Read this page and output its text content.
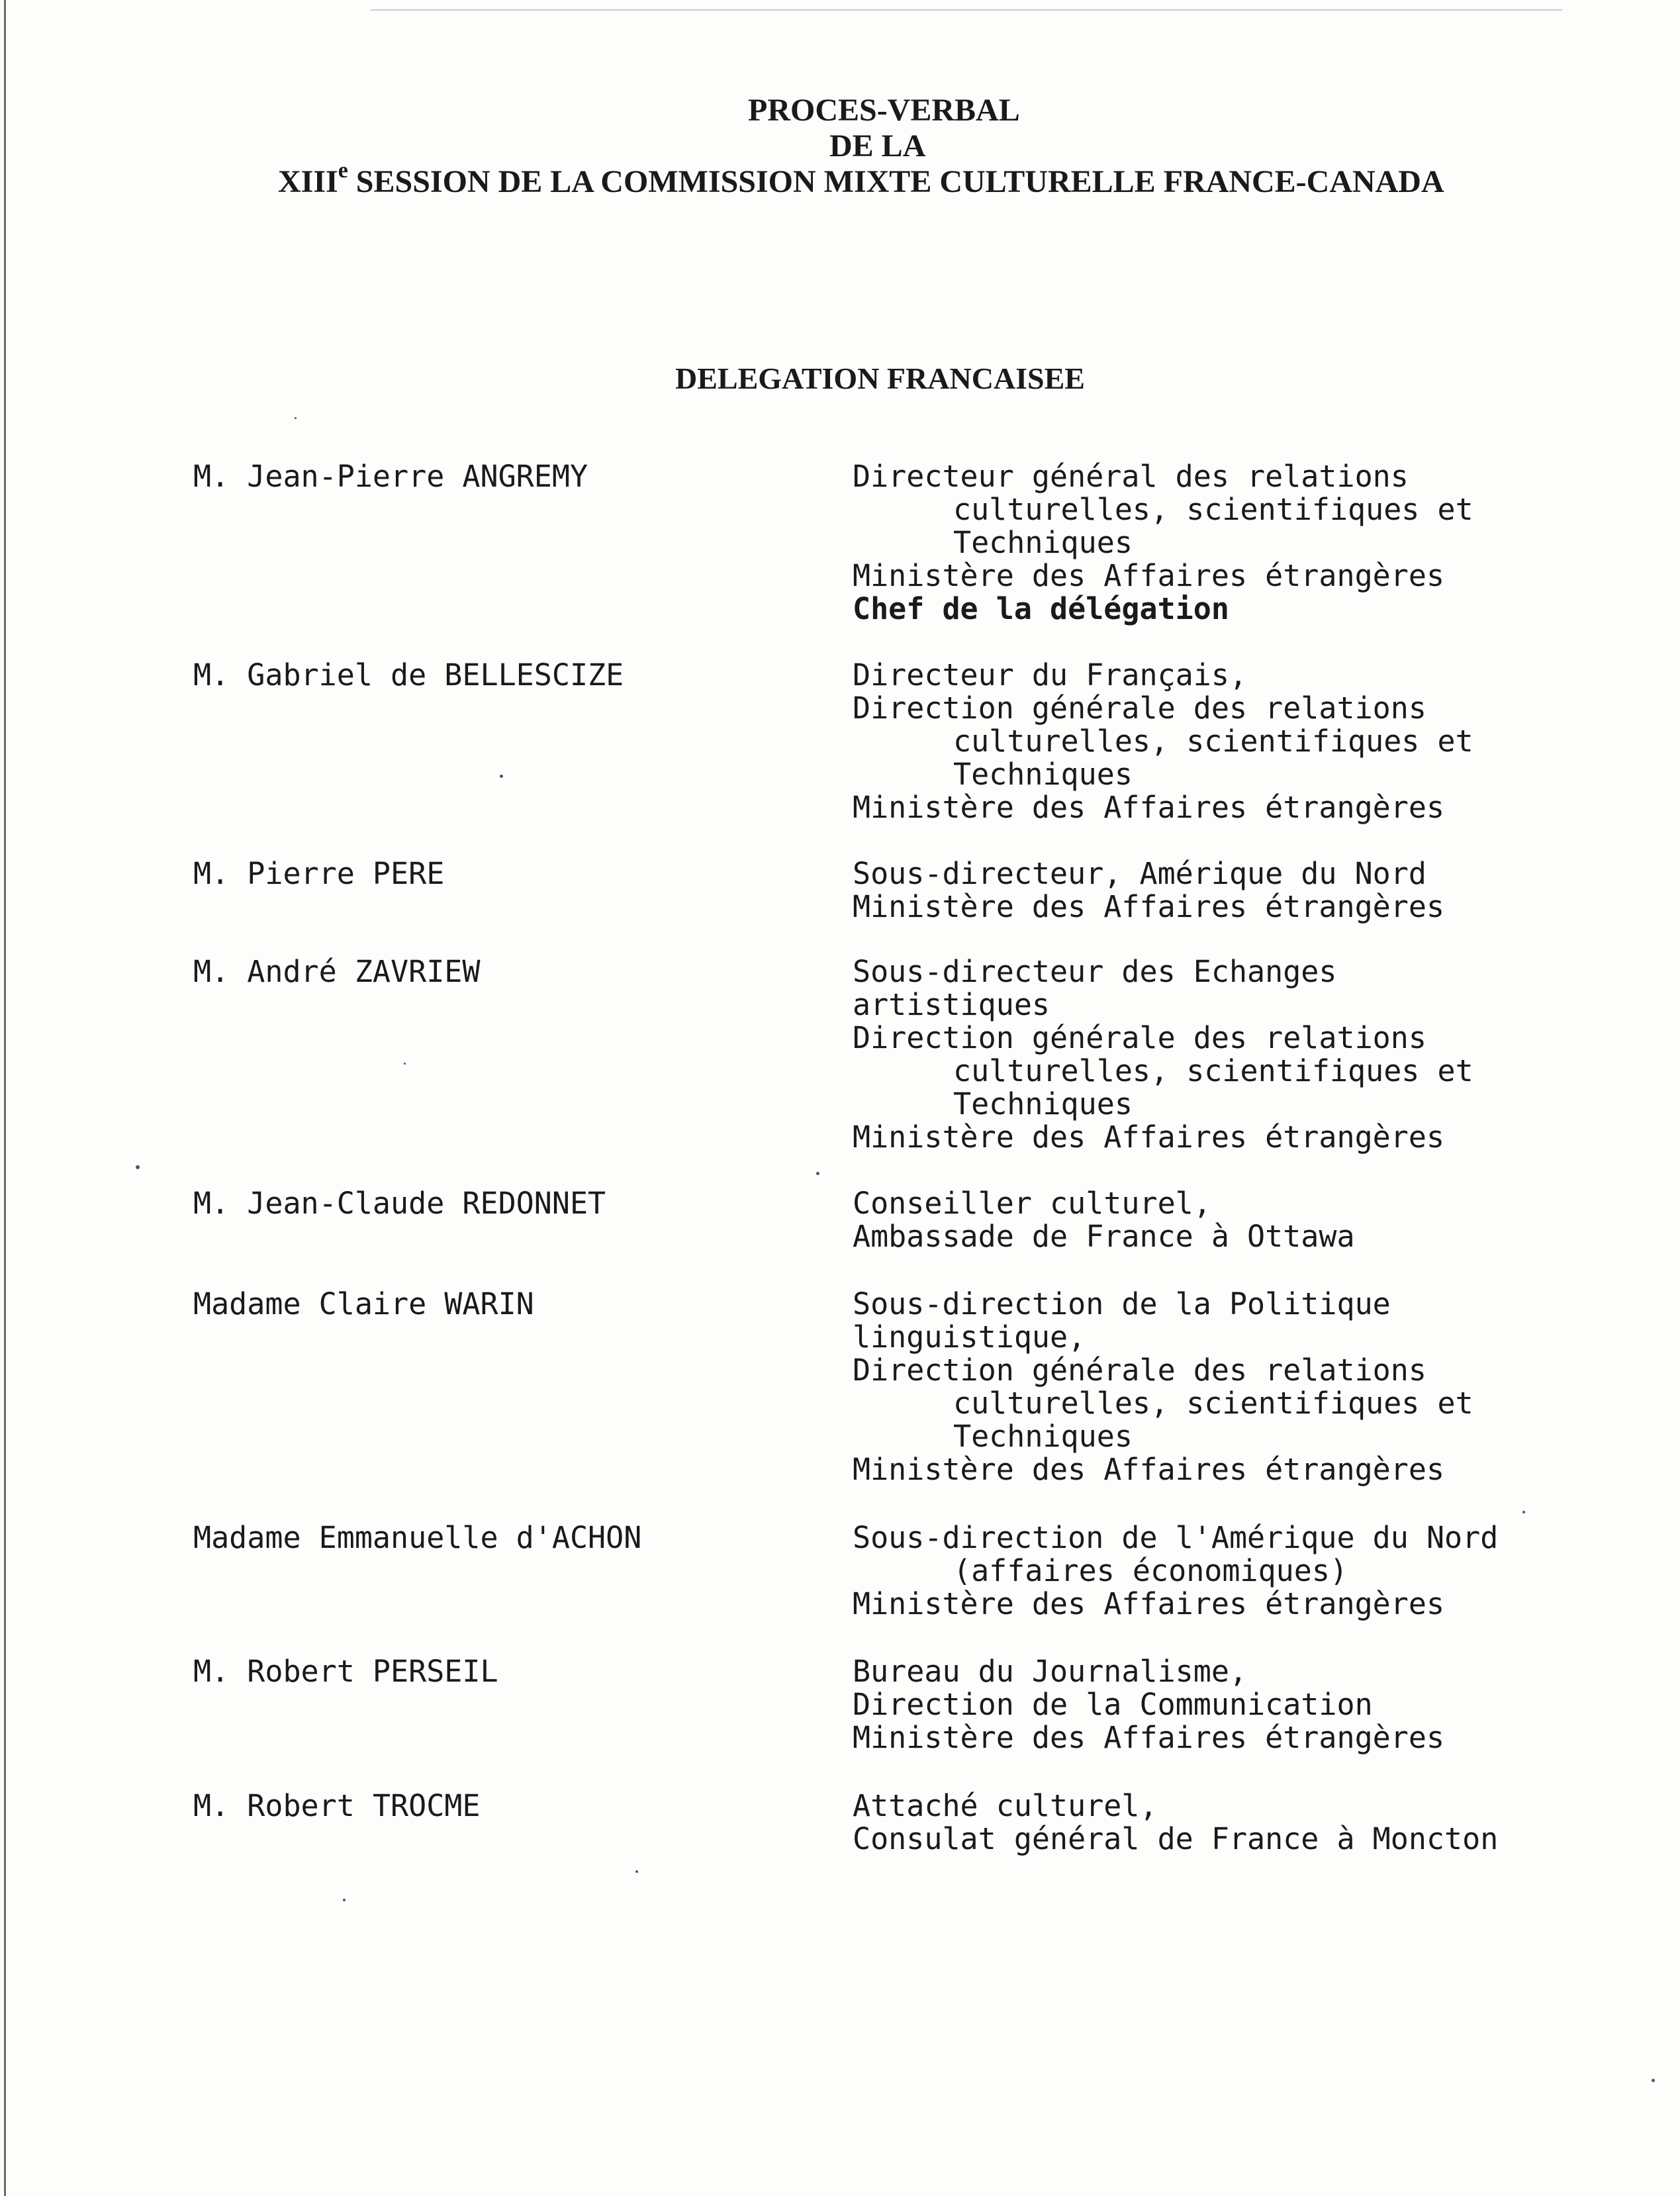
PROCES-VERBAL
DE LA
XIIIe SESSION DE LA COMMISSION MIXTE CULTURELLE FRANCE-CANADA
DELEGATION FRANCAISEE
M. Jean-Pierre ANGREMY	Directeur général des relations
culturelles, scientifiques et
Techniques
Ministère des Affaires étrangères
Chef de la délégation
M. Gabriel de BELLESCIZE	Directeur du Français,
Direction générale des relations
culturelles, scientifiques et
Techniques
Ministère des Affaires étrangères
M. Pierre PERE	Sous-directeur, Amérique du Nord
Ministère des Affaires étrangères
M. André ZAVRIEW	Sous-directeur des Echanges
artistiques
Direction générale des relations
culturelles, scientifiques et
Techniques
Ministère des Affaires étrangères
M. Jean-Claude REDONNET	Conseiller culturel,
Ambassade de France à Ottawa
Madame Claire WARIN	Sous-direction de la Politique
linguistique,
Direction générale des relations
culturelles, scientifiques et
Techniques
Ministère des Affaires étrangères
Madame Emmanuelle d'ACHON	Sous-direction de l'Amérique du Nord
(affaires économiques)
Ministère des Affaires étrangères
M. Robert PERSEIL	Bureau du Journalisme,
Direction de la Communication
Ministère des Affaires étrangères
M. Robert TROCME	Attaché culturel,
Consulat général de France à Moncton
